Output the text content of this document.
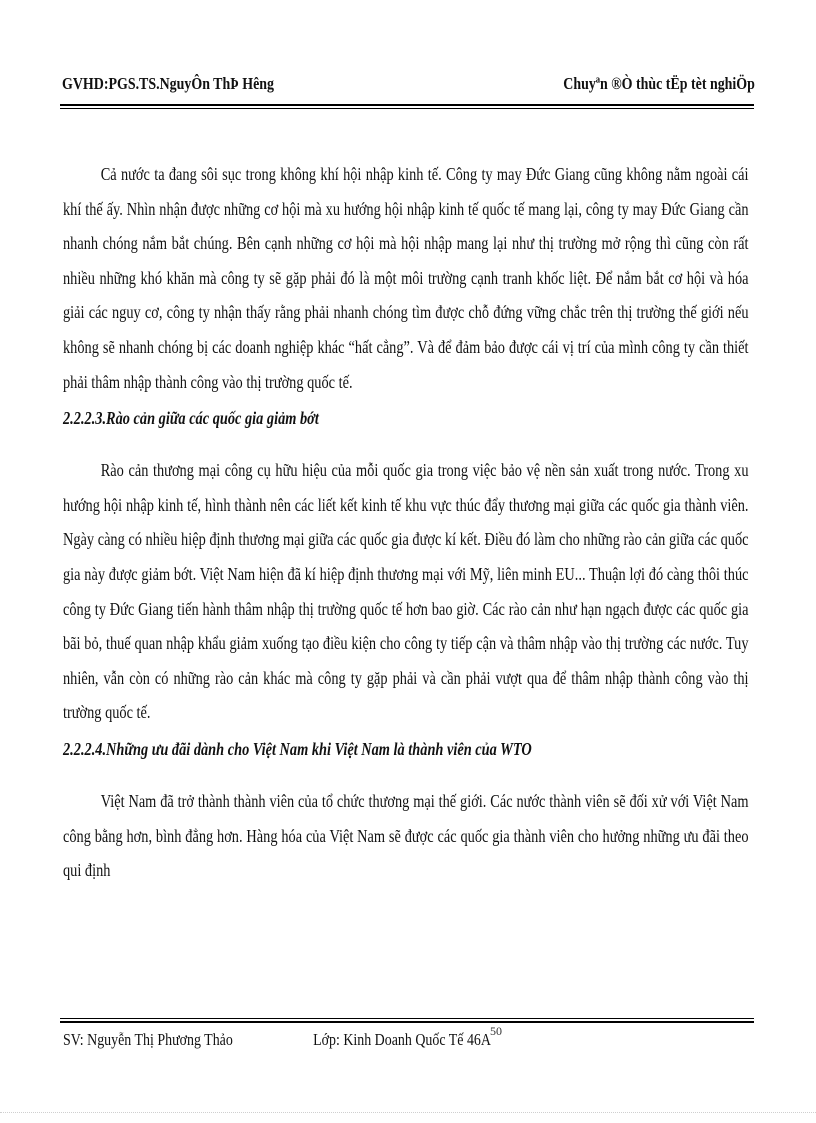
GVHD:PGS.TS.NguyÔn ThÞ Hêng	Chuyªn ®Ò thùc tËp tèt nghiÖp

Cả nước ta đang sôi sục trong không khí hội nhập kinh tế. Công ty may Đức Giang cũng không nằm ngoài cái khí thế ấy. Nhìn nhận được những cơ hội mà xu hướng hội nhập kinh tế quốc tế mang lại, công ty may Đức Giang cần nhanh chóng nắm bắt chúng. Bên cạnh những cơ hội mà hội nhập mang lại như thị trường mở rộng thì cũng còn rất nhiều những khó khăn mà công ty sẽ gặp phải đó là một môi trường cạnh tranh khốc liệt. Để nắm bắt cơ hội và hóa giải các nguy cơ, công ty nhận thấy rằng phải nhanh chóng tìm được chỗ đứng vững chắc trên thị trường thế giới nếu không sẽ nhanh chóng bị các doanh nghiệp khác “hất cẳng”. Và để đảm bảo được cái vị trí của mình công ty cần thiết phải thâm nhập thành công vào thị trường quốc tế.

2.2.2.3.Rào cản giữa các quốc gia giảm bớt

Rào cản thương mại công cụ hữu hiệu của mỗi quốc gia trong việc bảo vệ nền sản xuất trong nước. Trong xu hướng hội nhập kinh tế, hình thành nên các liết kết kinh tế khu vực thúc đẩy thương mại giữa các quốc gia thành viên. Ngày càng có nhiều hiệp định thương mại giữa các quốc gia được kí kết. Điều đó làm cho những rào cản giữa các quốc gia này được giảm bớt. Việt Nam hiện đã kí hiệp định thương mại với Mỹ, liên minh EU... Thuận lợi đó càng thôi thúc công ty Đức Giang tiến hành thâm nhập thị trường quốc tế hơn bao giờ. Các rào cản như hạn ngạch được các quốc gia bãi bỏ, thuế quan nhập khẩu giảm xuống tạo điều kiện cho công ty tiếp cận và thâm nhập vào thị trường các nước. Tuy nhiên, vẫn còn có những rào cản khác mà công ty gặp phải và cần phải vượt qua để thâm nhập thành công vào thị trường quốc tế.

2.2.2.4.Những ưu đãi dành cho Việt Nam khi Việt Nam là thành viên của WTO

Việt Nam đã trở thành thành viên của tổ chức thương mại thế giới. Các nước thành viên sẽ đối xử với Việt Nam công bằng hơn, bình đẳng hơn. Hàng hóa của Việt Nam sẽ được các quốc gia thành viên cho hưởng những ưu đãi theo qui định

50
SV: Nguyễn Thị Phương Thảo	Lớp: Kinh Doanh Quốc Tế 46A
